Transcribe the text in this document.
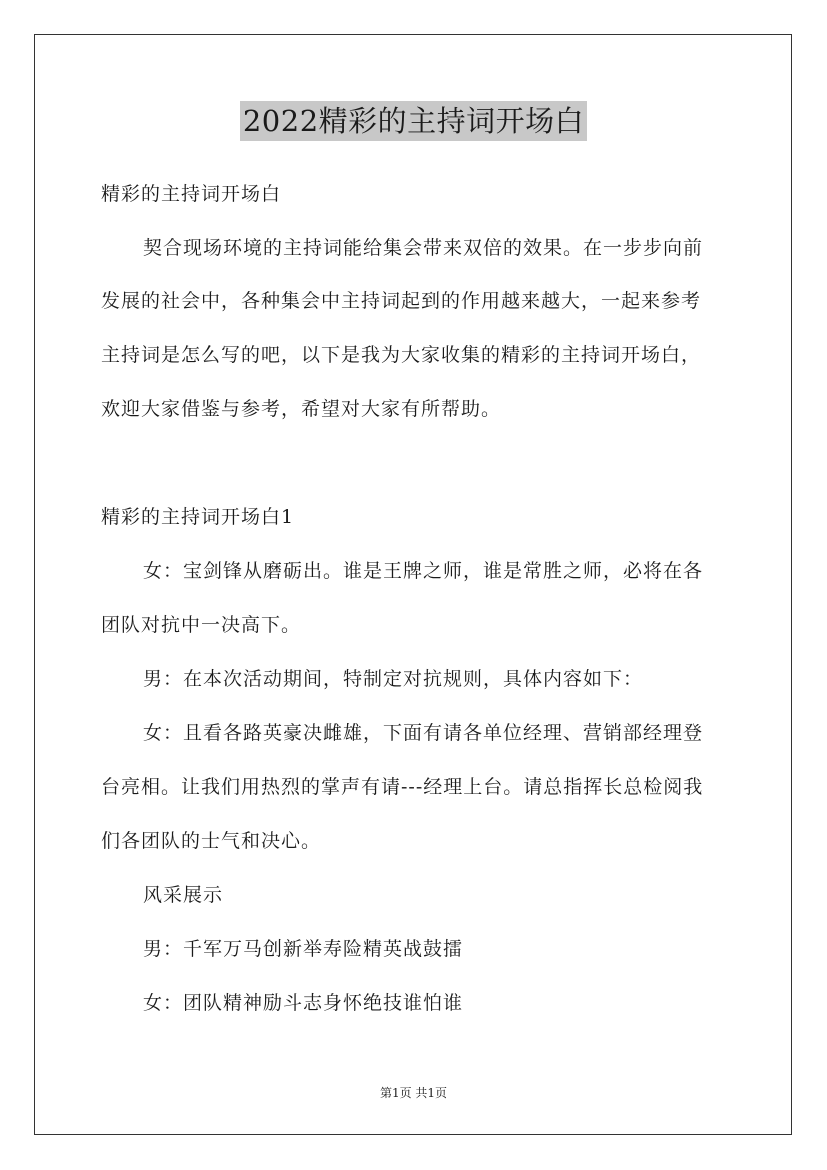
2022精彩的主持词开场白
精彩的主持词开场白
契合现场环境的主持词能给集会带来双倍的效果。在一步步向前
发展的社会中，各种集会中主持词起到的作用越来越大，一起来参考
主持词是怎么写的吧，以下是我为大家收集的精彩的主持词开场白，
欢迎大家借鉴与参考，希望对大家有所帮助。
精彩的主持词开场白1
女：宝剑锋从磨砺出。谁是王牌之师，谁是常胜之师，必将在各
团队对抗中一决高下。
男：在本次活动期间，特制定对抗规则，具体内容如下：
女：且看各路英豪决雌雄，下面有请各单位经理、营销部经理登
台亮相。让我们用热烈的掌声有请---经理上台。请总指挥长总检阅我
们各团队的士气和决心。
风采展示
男：千军万马创新举寿险精英战鼓擂
女：团队精神励斗志身怀绝技谁怕谁
第1页 共1页
